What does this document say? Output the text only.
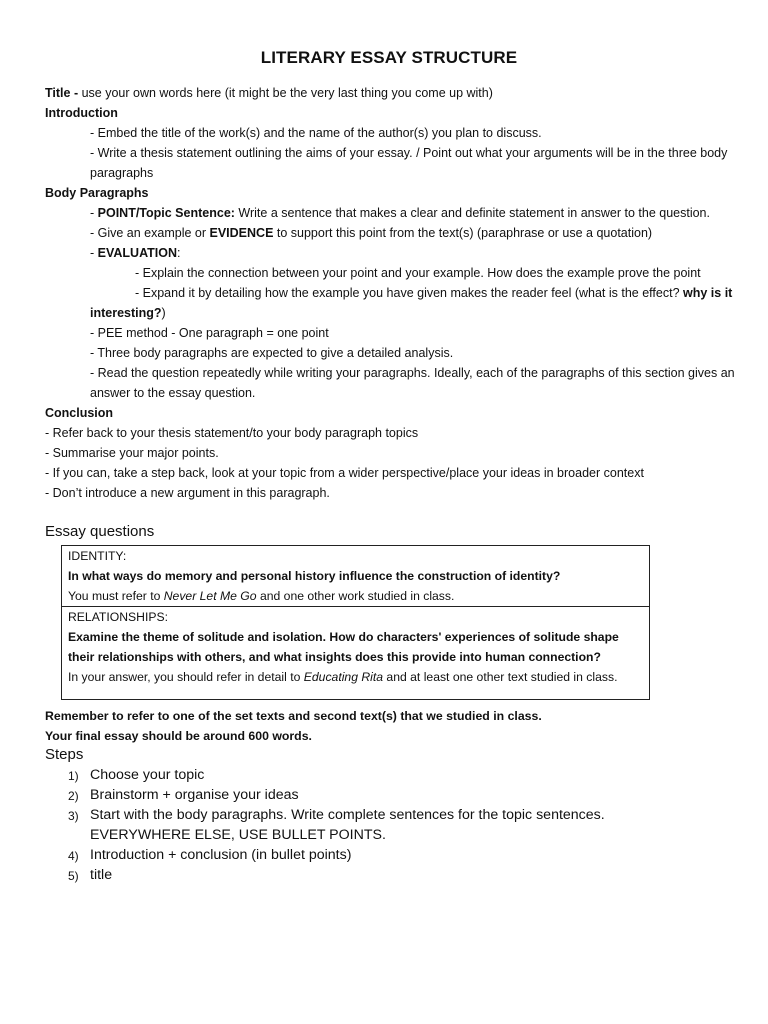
LITERARY ESSAY STRUCTURE
Title - use your own words here (it might be the very last thing you come up with)
Introduction
- Embed the title of the work(s) and the name of the author(s) you plan to discuss.
- Write a thesis statement outlining the aims of your essay. / Point out what your arguments will be in the three body paragraphs
Body Paragraphs
- POINT/Topic Sentence: Write a sentence that makes a clear and definite statement in answer to the question.
- Give an example or EVIDENCE to support this point from the text(s) (paraphrase or use a quotation)
- EVALUATION:
- Explain the connection between your point and your example. How does the example prove the point
- Expand it by detailing how the example you have given makes the reader feel (what is the effect? why is it interesting?)
- PEE method - One paragraph = one point
- Three body paragraphs are expected to give a detailed analysis.
- Read the question repeatedly while writing your paragraphs. Ideally, each of the paragraphs of this section gives an answer to the essay question.
Conclusion
- Refer back to your thesis statement/to your body paragraph topics
- Summarise your major points.
- If you can, take a step back, look at your topic from a wider perspective/place your ideas in broader context
- Don’t introduce a new argument in this paragraph.
Essay questions
IDENTITY:
In what ways do memory and personal history influence the construction of identity?
You must refer to Never Let Me Go and one other work studied in class.
RELATIONSHIPS:
Examine the theme of solitude and isolation. How do characters' experiences of solitude shape their relationships with others, and what insights does this provide into human connection?
In your answer, you should refer in detail to Educating Rita and at least one other text studied in class.
Remember to refer to one of the set texts and second text(s) that we studied in class.
Your final essay should be around 600 words.
Steps
1) Choose your topic
2) Brainstorm + organise your ideas
3) Start with the body paragraphs. Write complete sentences for the topic sentences. EVERYWHERE ELSE, USE BULLET POINTS.
4) Introduction + conclusion (in bullet points)
5) title
